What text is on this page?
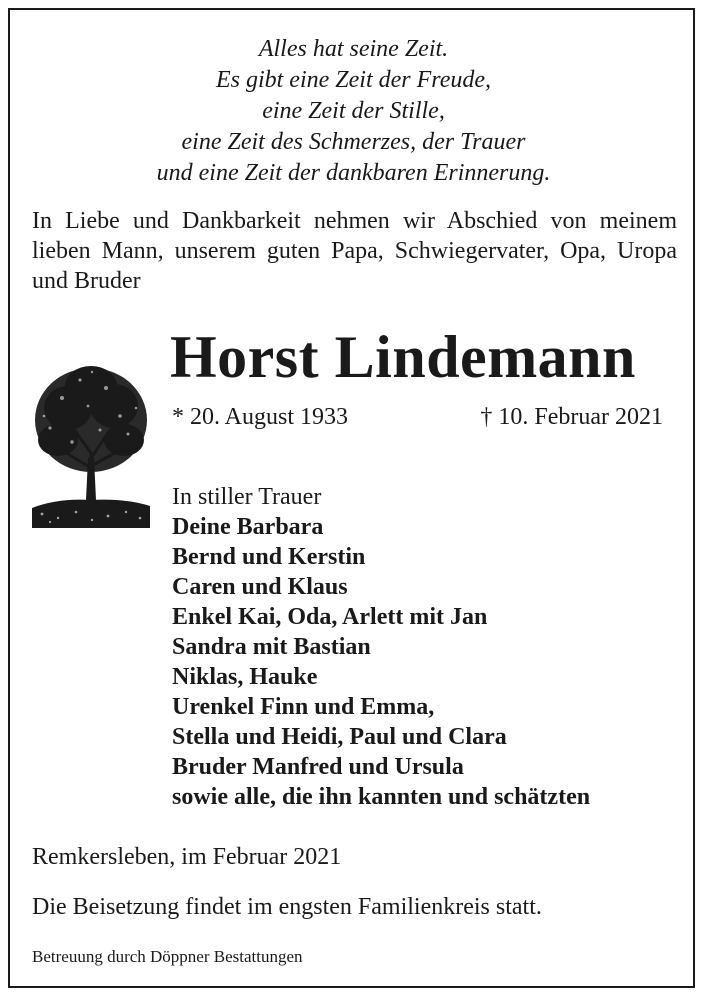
Alles hat seine Zeit.
Es gibt eine Zeit der Freude,
eine Zeit der Stille,
eine Zeit des Schmerzes, der Trauer
und eine Zeit der dankbaren Erinnerung.
In Liebe und Dankbarkeit nehmen wir Abschied von meinem lieben Mann, unserem guten Papa, Schwiegervater, Opa, Uropa und Bruder
Horst Lindemann
* 20. August 1933	† 10. Februar 2021
In stiller Trauer
Deine Barbara
Bernd und Kerstin
Caren und Klaus
Enkel Kai, Oda, Arlett mit Jan
Sandra mit Bastian
Niklas, Hauke
Urenkel Finn und Emma,
Stella und Heidi, Paul und Clara
Bruder Manfred und Ursula
sowie alle, die ihn kannten und schätzten
Remkersleben, im Februar 2021
Die Beisetzung findet im engsten Familienkreis statt.
Betreuung durch Döppner Bestattungen
